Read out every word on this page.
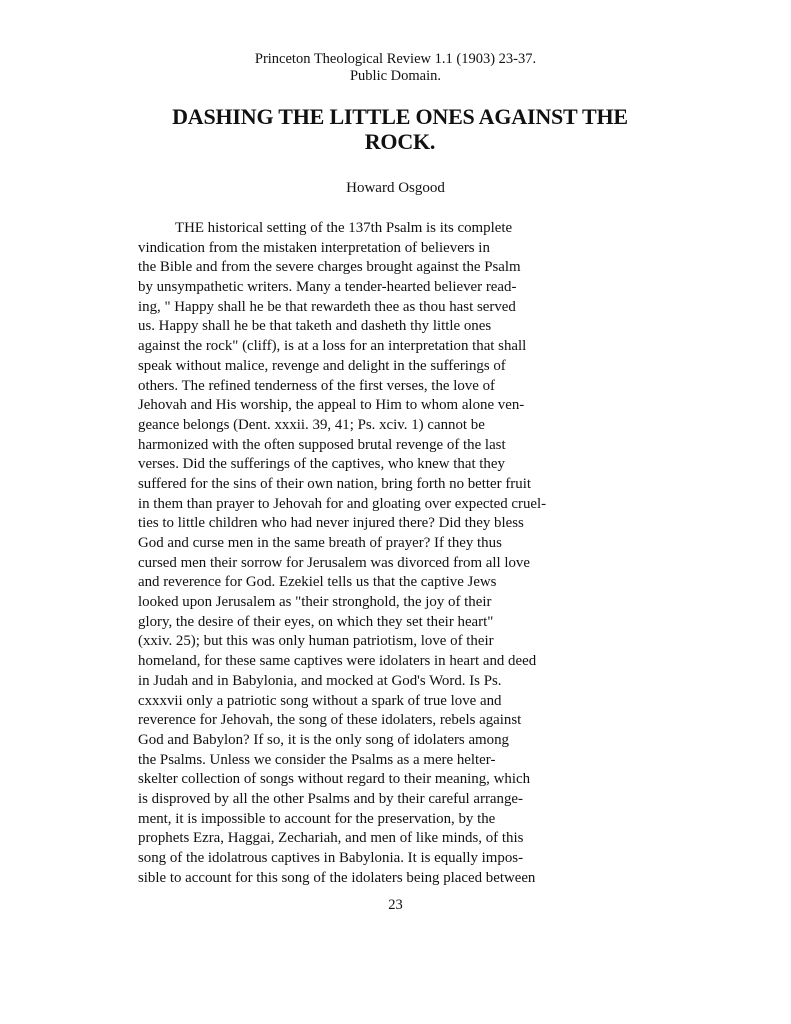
Princeton Theological Review 1.1 (1903) 23-37.
Public Domain.
DASHING THE LITTLE ONES AGAINST THE
ROCK.
Howard Osgood
THE historical setting of the 137th Psalm is its complete
vindication from the mistaken interpretation of believers in
the Bible and from the severe charges brought against the Psalm
by unsympathetic writers. Many a tender-hearted believer read-
ing, " Happy shall he be that rewardeth thee as thou hast served
us. Happy shall he be that taketh and dasheth thy little ones
against the rock" (cliff), is at a loss for an interpretation that shall
speak without malice, revenge and delight in the sufferings of
others. The refined tenderness of the first verses, the love of
Jehovah and His worship, the appeal to Him to whom alone ven-
geance belongs (Dent. xxxii. 39, 41; Ps. xciv. 1) cannot be
harmonized with the often supposed brutal revenge of the last
verses. Did the sufferings of the captives, who knew that they
suffered for the sins of their own nation, bring forth no better fruit
in them than prayer to Jehovah for and gloating over expected cruel-
ties to little children who had never injured there? Did they bless
God and curse men in the same breath of prayer? If they thus
cursed men their sorrow for Jerusalem was divorced from all love
and reverence for God. Ezekiel tells us that the captive Jews
looked upon Jerusalem as "their stronghold, the joy of their
glory, the desire of their eyes, on which they set their heart"
(xxiv. 25); but this was only human patriotism, love of their
homeland, for these same captives were idolaters in heart and deed
in Judah and in Babylonia, and mocked at God's Word. Is Ps.
cxxxvii only a patriotic song without a spark of true love and
reverence for Jehovah, the song of these idolaters, rebels against
God and Babylon? If so, it is the only song of idolaters among
the Psalms. Unless we consider the Psalms as a mere helter-
skelter collection of songs without regard to their meaning, which
is disproved by all the other Psalms and by their careful arrange-
ment, it is impossible to account for the preservation, by the
prophets Ezra, Haggai, Zechariah, and men of like minds, of this
song of the idolatrous captives in Babylonia. It is equally impos-
sible to account for this song of the idolaters being placed between
23
